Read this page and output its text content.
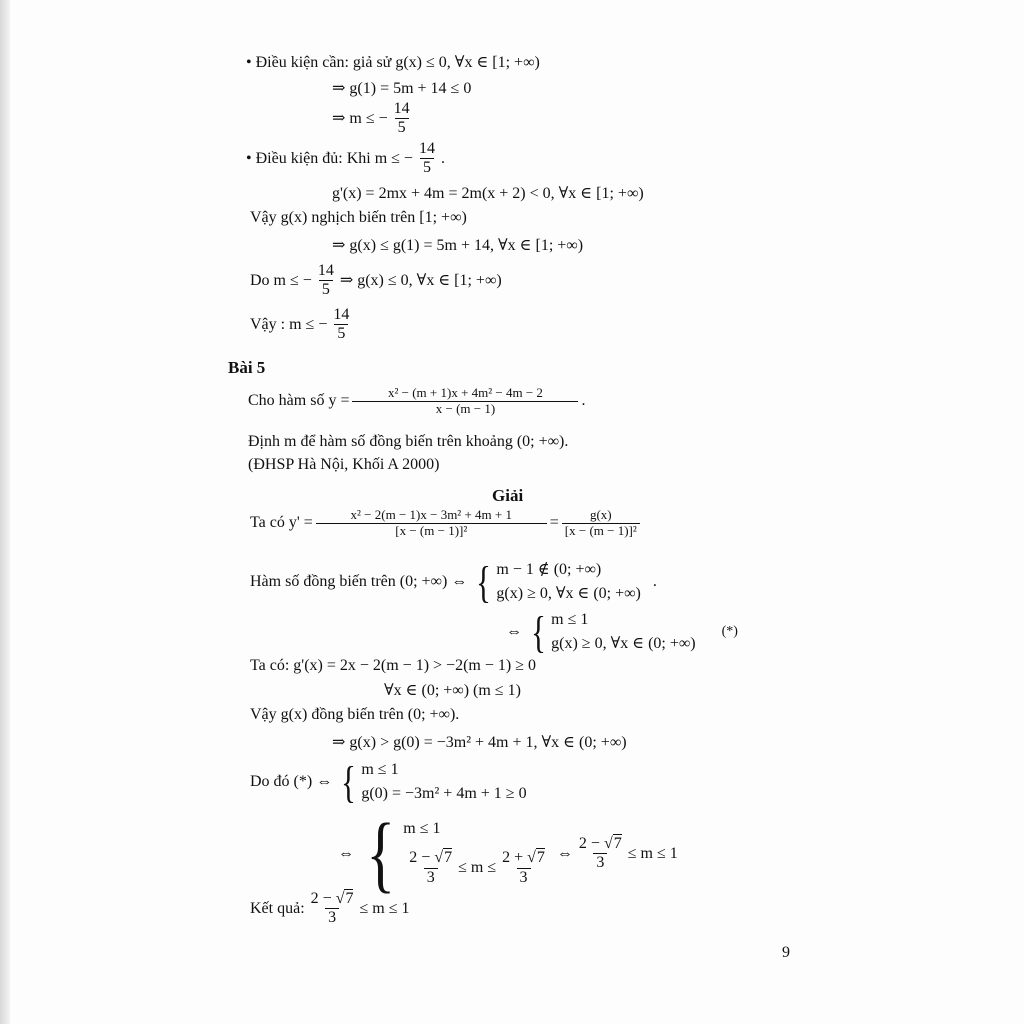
• Điều kiện cần: giả sử g(x) ≤ 0, ∀x ∈ [1; +∞)
⇒ g(1) = 5m + 14 ≤ 0
⇒ m ≤ − $\frac{14}{5}$
• Điều kiện đủ: Khi m ≤ − $\frac{14}{5}$ .
g'(x) = 2mx + 4m = 2m(x + 2) < 0, ∀x ∈ [1; +∞)
Vậy g(x) nghịch biến trên [1; +∞)
⇒ g(x) ≤ g(1) = 5m + 14, ∀x ∈ [1; +∞)
Do m ≤ − $\frac{14}{5}$ ⇒ g(x) ≤ 0, ∀x ∈ [1; +∞)
Vậy : m ≤ − $\frac{14}{5}$
Bài 5
Cho hàm số $y = \frac{\text{x² − (m + 1)x + 4m² − 4m − 2}}{x - (m - 1)}$ .
Định m để hàm số đồng biến trên khoảng (0; +∞).
(ĐHSP Hà Nội, Khối A 2000)
Giải
Ta có $y' = \frac{\text{x² − 2(m − 1)x − 3m² + 4m + 1}}{\text{[x − (m − 1)]²}} = \frac{g(x)}{\text{[x − (m − 1)]²}}$
Hàm số đồng biến trên (0; +∞) ⇔ { m − 1 ∉ (0; +∞)
g(x) ≥ 0, ∀x ∈ (0; +∞)
.
⇔ { m ≤ 1
g(x) ≥ 0, ∀x ∈ (0; +∞)
(*)
Ta có: g'(x) = 2x − 2(m − 1) > −2(m − 1) ≥ 0
∀x ∈ (0; +∞) (m ≤ 1)
Vậy g(x) đồng biến trên (0; +∞).
⇒ g(x) > g(0) = −3m² + 4m + 1, ∀x ∈ (0; +∞)
Do đó (*) ⇔ { m ≤ 1
g(0) = −3m² + 4m + 1 ≥ 0
⇔ { m ≤ 1
$\frac{2 - √7}{3} \le m \le \frac{2 + √7}{3}$ ⇔ $\frac{2 - √7}{3} \le m \le 1$
Kết quả: $\frac{2 - √7}{3} \le m \le 1$
9
